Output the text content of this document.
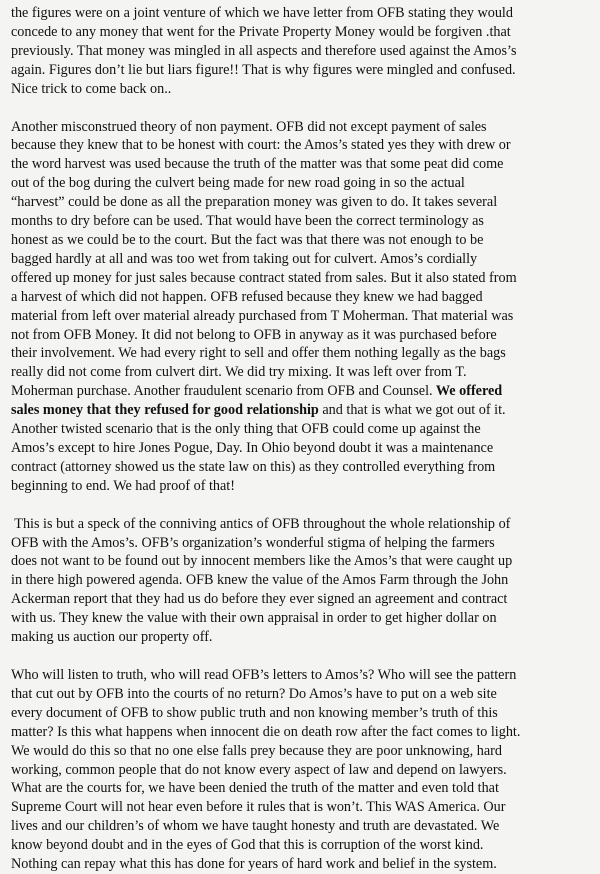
the figures were on a joint venture of which we have letter from OFB stating they would
concede to any money that went for the Private Property Money would be forgiven .that
previously. That money was mingled in all aspects and therefore used against the Amos’s
again. Figures don’t lie but liars figure!! That is why figures were mingled and confused.
Nice trick to come back on..

Another misconstrued theory of non payment. OFB did not except payment of sales
because they knew that to be honest with court: the Amos’s stated yes they with drew or
the word harvest was used because the truth of the matter was that some peat did come
out of the bog during the culvert being made for new road going in so the actual
“harvest” could be done as all the preparation money was given to do. It takes several
months to dry before can be used. That would have been the correct terminology as
honest as we could be to the court. But the fact was that there was not enough to be
bagged hardly at all and was too wet from taking out for culvert. Amos’s cordially
offered up money for just sales because contract stated from sales. But it also stated from
a harvest of which did not happen. OFB refused because they knew we had bagged
material from left over material already purchased from T Moherman. That material was
not from OFB Money. It did not belong to OFB in anyway as it was purchased before
their involvement. We had every right to sell and offer them nothing legally as the bags
really did not come from culvert dirt. We did try mixing. It was left over from T.
Moherman purchase. Another fraudulent scenario from OFB and Counsel. We offered
sales money that they refused for good relationship and that is what we got out of it.
Another twisted scenario that is the only thing that OFB could come up against the
Amos’s except to hire Jones Pogue, Day. In Ohio beyond doubt it was a maintenance
contract (attorney showed us the state law on this) as they controlled everything from
beginning to end. We had proof of that!

This is but a speck of the conniving antics of OFB throughout the whole relationship of
OFB with the Amos’s. OFB’s organization’s wonderful stigma of helping the farmers
does not want to be found out by innocent members like the Amos’s that were caught up
in there high powered agenda. OFB knew the value of the Amos Farm through the John
Ackerman report that they had us do before they ever signed an agreement and contract
with us. They knew the value with their own appraisal in order to get higher dollar on
making us auction our property off.

Who will listen to truth, who will read OFB’s letters to Amos’s? Who will see the pattern
that cut out by OFB into the courts of no return? Do Amos’s have to put on a web site
every document of OFB to show public truth and non knowing member’s truth of this
matter? Is this what happens when innocent die on death row after the fact comes to light.
We would do this so that no one else falls prey because they are poor unknowing, hard
working, common people that do not know every aspect of law and depend on lawyers.
What are the courts for, we have been denied the truth of the matter and even told that
Supreme Court will not hear even before it rules that is won’t. This WAS America. Our
lives and our children’s of whom we have taught honesty and truth are devastated. We
know beyond doubt and in the eyes of God that this is corruption of the worst kind.
Nothing can repay what this has done for years of hard work and belief in the system.
